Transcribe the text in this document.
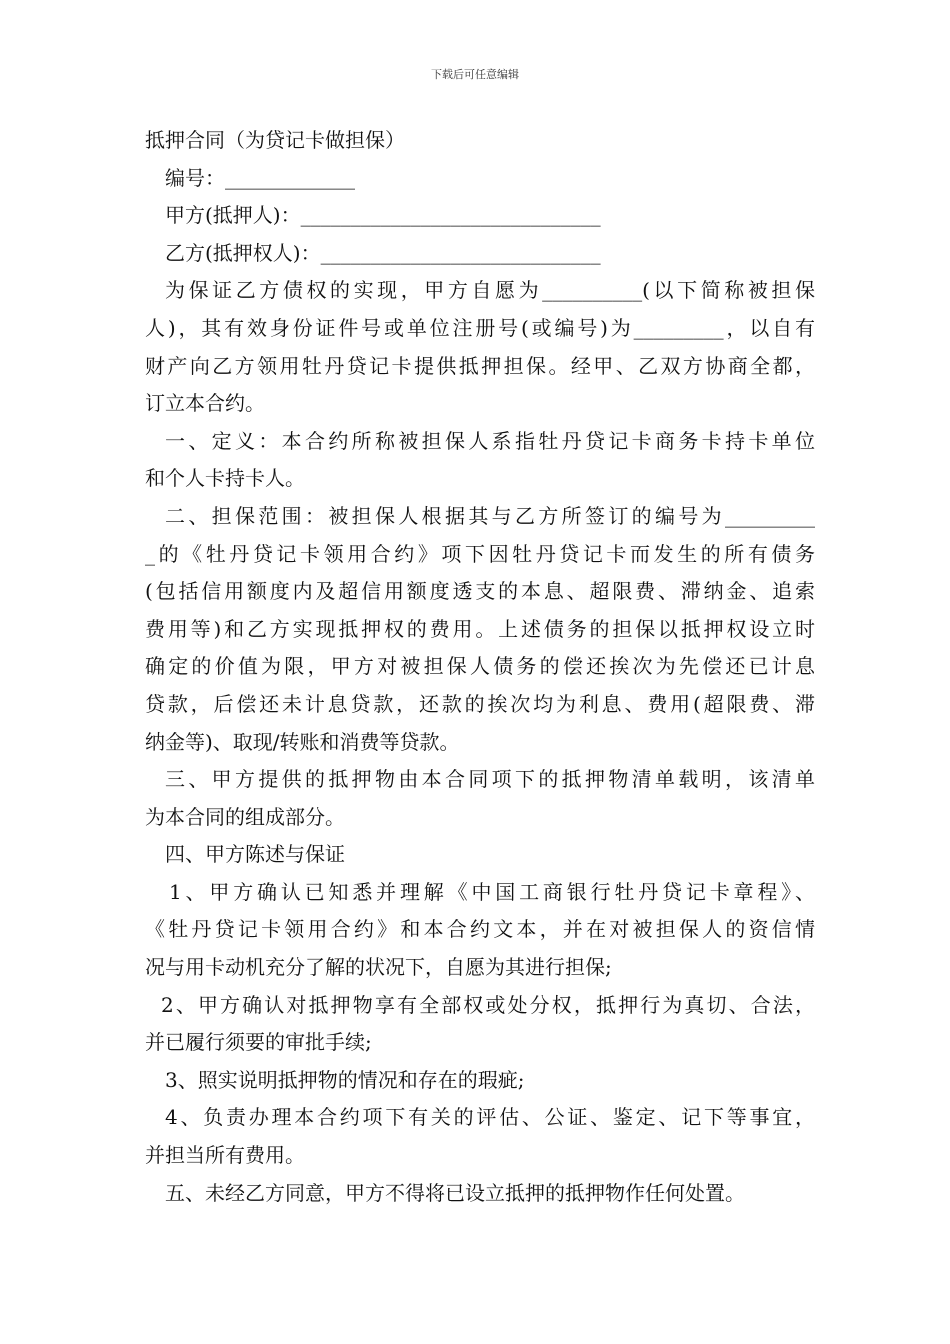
下载后可任意编辑
抵押合同（为贷记卡做担保）
编号：_____________
甲方(抵押人)：______________________________
乙方(抵押权人)：____________________________
为保证乙方债权的实现，甲方自愿为__________(以下简称被担保
人)，其有效身份证件号或单位注册号(或编号)为_________，以自有
财产向乙方领用牡丹贷记卡提供抵押担保。经甲、乙双方协商全都，
订立本合约。
一、定义：本合约所称被担保人系指牡丹贷记卡商务卡持卡单位
和个人卡持卡人。
二、担保范围：被担保人根据其与乙方所签订的编号为_________
_的《牡丹贷记卡领用合约》项下因牡丹贷记卡而发生的所有债务
(包括信用额度内及超信用额度透支的本息、超限费、滞纳金、追索
费用等)和乙方实现抵押权的费用。上述债务的担保以抵押权设立时
确定的价值为限，甲方对被担保人债务的偿还挨次为先偿还已计息
贷款，后偿还未计息贷款，还款的挨次均为利息、费用(超限费、滞
纳金等)、取现/转账和消费等贷款。
三、甲方提供的抵押物由本合同项下的抵押物清单载明，该清单
为本合同的组成部分。
四、甲方陈述与保证
1、甲方确认已知悉并理解《中国工商银行牡丹贷记卡章程》、
《牡丹贷记卡领用合约》和本合约文本，并在对被担保人的资信情
况与用卡动机充分了解的状况下，自愿为其进行担保;
2、甲方确认对抵押物享有全部权或处分权，抵押行为真切、合法，
并已履行须要的审批手续;
3、照实说明抵押物的情况和存在的瑕疵;
4、负责办理本合约项下有关的评估、公证、鉴定、记下等事宜，
并担当所有费用。
五、未经乙方同意，甲方不得将已设立抵押的抵押物作任何处置。
